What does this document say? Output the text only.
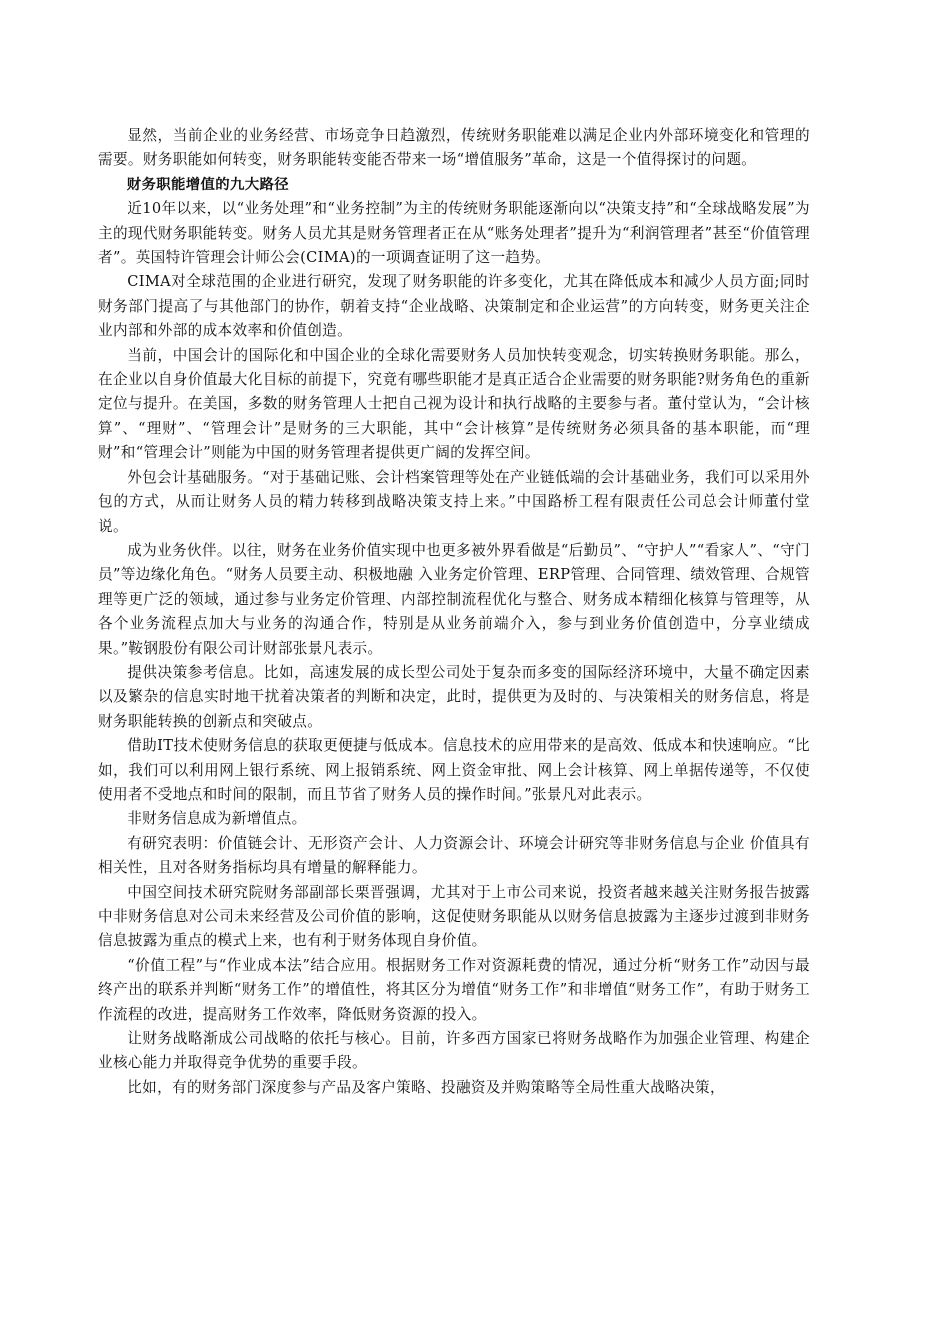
显然，当前企业的业务经营、市场竞争日趋激烈，传统财务职能难以满足企业内外部环境变化和管理的需要。财务职能如何转变，财务职能转变能否带来一场“增值服务”革命，这是一个值得探讨的问题。

财务职能增值的九大路径

近10年以来，以“业务处理”和“业务控制”为主的传统财务职能逐渐向以“决策支持”和“全球战略发展”为主的现代财务职能转变。财务人员尤其是财务管理者正在从“账务处理者”提升为“利润管理者”甚至“价值管理者”。英国特许管理会计师公会(CIMA)的一项调查证明了这一趋势。

CIMA对全球范围的企业进行研究，发现了财务职能的许多变化，尤其在降低成本和减少人员方面;同时财务部门提高了与其他部门的协作，朝着支持“企业战略、决策制定和企业运营”的方向转变，财务更关注企业内部和外部的成本效率和价值创造。

当前，中国会计的国际化和中国企业的全球化需要财务人员加快转变观念，切实转换财务职能。那么，在企业以自身价值最大化目标的前提下，究竟有哪些职能才是真正适合企业需要的财务职能?财务角色的重新定位与提升。在美国，多数的财务管理人士把自己视为设计和执行战略的主要参与者。董付堂认为，“会计核算”、“理财”、“管理会计”是财务的三大职能，其中“会计核算”是传统财务必须具备的基本职能，而“理财”和“管理会计”则能为中国的财务管理者提供更广阔的发挥空间。

外包会计基础服务。“对于基础记账、会计档案管理等处在产业链低端的会计基础业务，我们可以采用外包的方式，从而让财务人员的精力转移到战略决策支持上来。”中国路桥工程有限责任公司总会计师董付堂说。

成为业务伙伴。以往，财务在业务价值实现中也更多被外界看做是“后勤员”、“守护人”“看家人”、“守门员”等边缘化角色。“财务人员要主动、积极地融 入业务定价管理、ERP管理、合同管理、绩效管理、合规管理等更广泛的领域，通过参与业务定价管理、内部控制流程优化与整合、财务成本精细化核算与管理等，从各个业务流程点加大与业务的沟通合作，特别是从业务前端介入，参与到业务价值创造中，分享业绩成果。”鞍钢股份有限公司计财部张景凡表示。

提供决策参考信息。比如，高速发展的成长型公司处于复杂而多变的国际经济环境中，大量不确定因素以及繁杂的信息实时地干扰着决策者的判断和决定，此时，提供更为及时的、与决策相关的财务信息，将是财务职能转换的创新点和突破点。

借助IT技术使财务信息的获取更便捷与低成本。信息技术的应用带来的是高效、低成本和快速响应。“比如，我们可以利用网上银行系统、网上报销系统、网上资金审批、网上会计核算、网上单据传递等，不仅使使用者不受地点和时间的限制，而且节省了财务人员的操作时间。”张景凡对此表示。

非财务信息成为新增值点。

有研究表明：价值链会计、无形资产会计、人力资源会计、环境会计研究等非财务信息与企业 价值具有相关性，且对各财务指标均具有增量的解释能力。

中国空间技术研究院财务部副部长栗晋强调，尤其对于上市公司来说，投资者越来越关注财务报告披露中非财务信息对公司未来经营及公司价值的影响，这促使财务职能从以财务信息披露为主逐步过渡到非财务信息披露为重点的模式上来，也有利于财务体现自身价值。

“价值工程”与“作业成本法”结合应用。根据财务工作对资源耗费的情况，通过分析“财务工作”动因与最终产出的联系并判断“财务工作”的增值性，将其区分为增值“财务工作”和非增值“财务工作”，有助于财务工作流程的改进，提高财务工作效率，降低财务资源的投入。

让财务战略渐成公司战略的依托与核心。目前，许多西方国家已将财务战略作为加强企业管理、构建企业核心能力并取得竞争优势的重要手段。

比如，有的财务部门深度参与产品及客户策略、投融资及并购策略等全局性重大战略决策，
